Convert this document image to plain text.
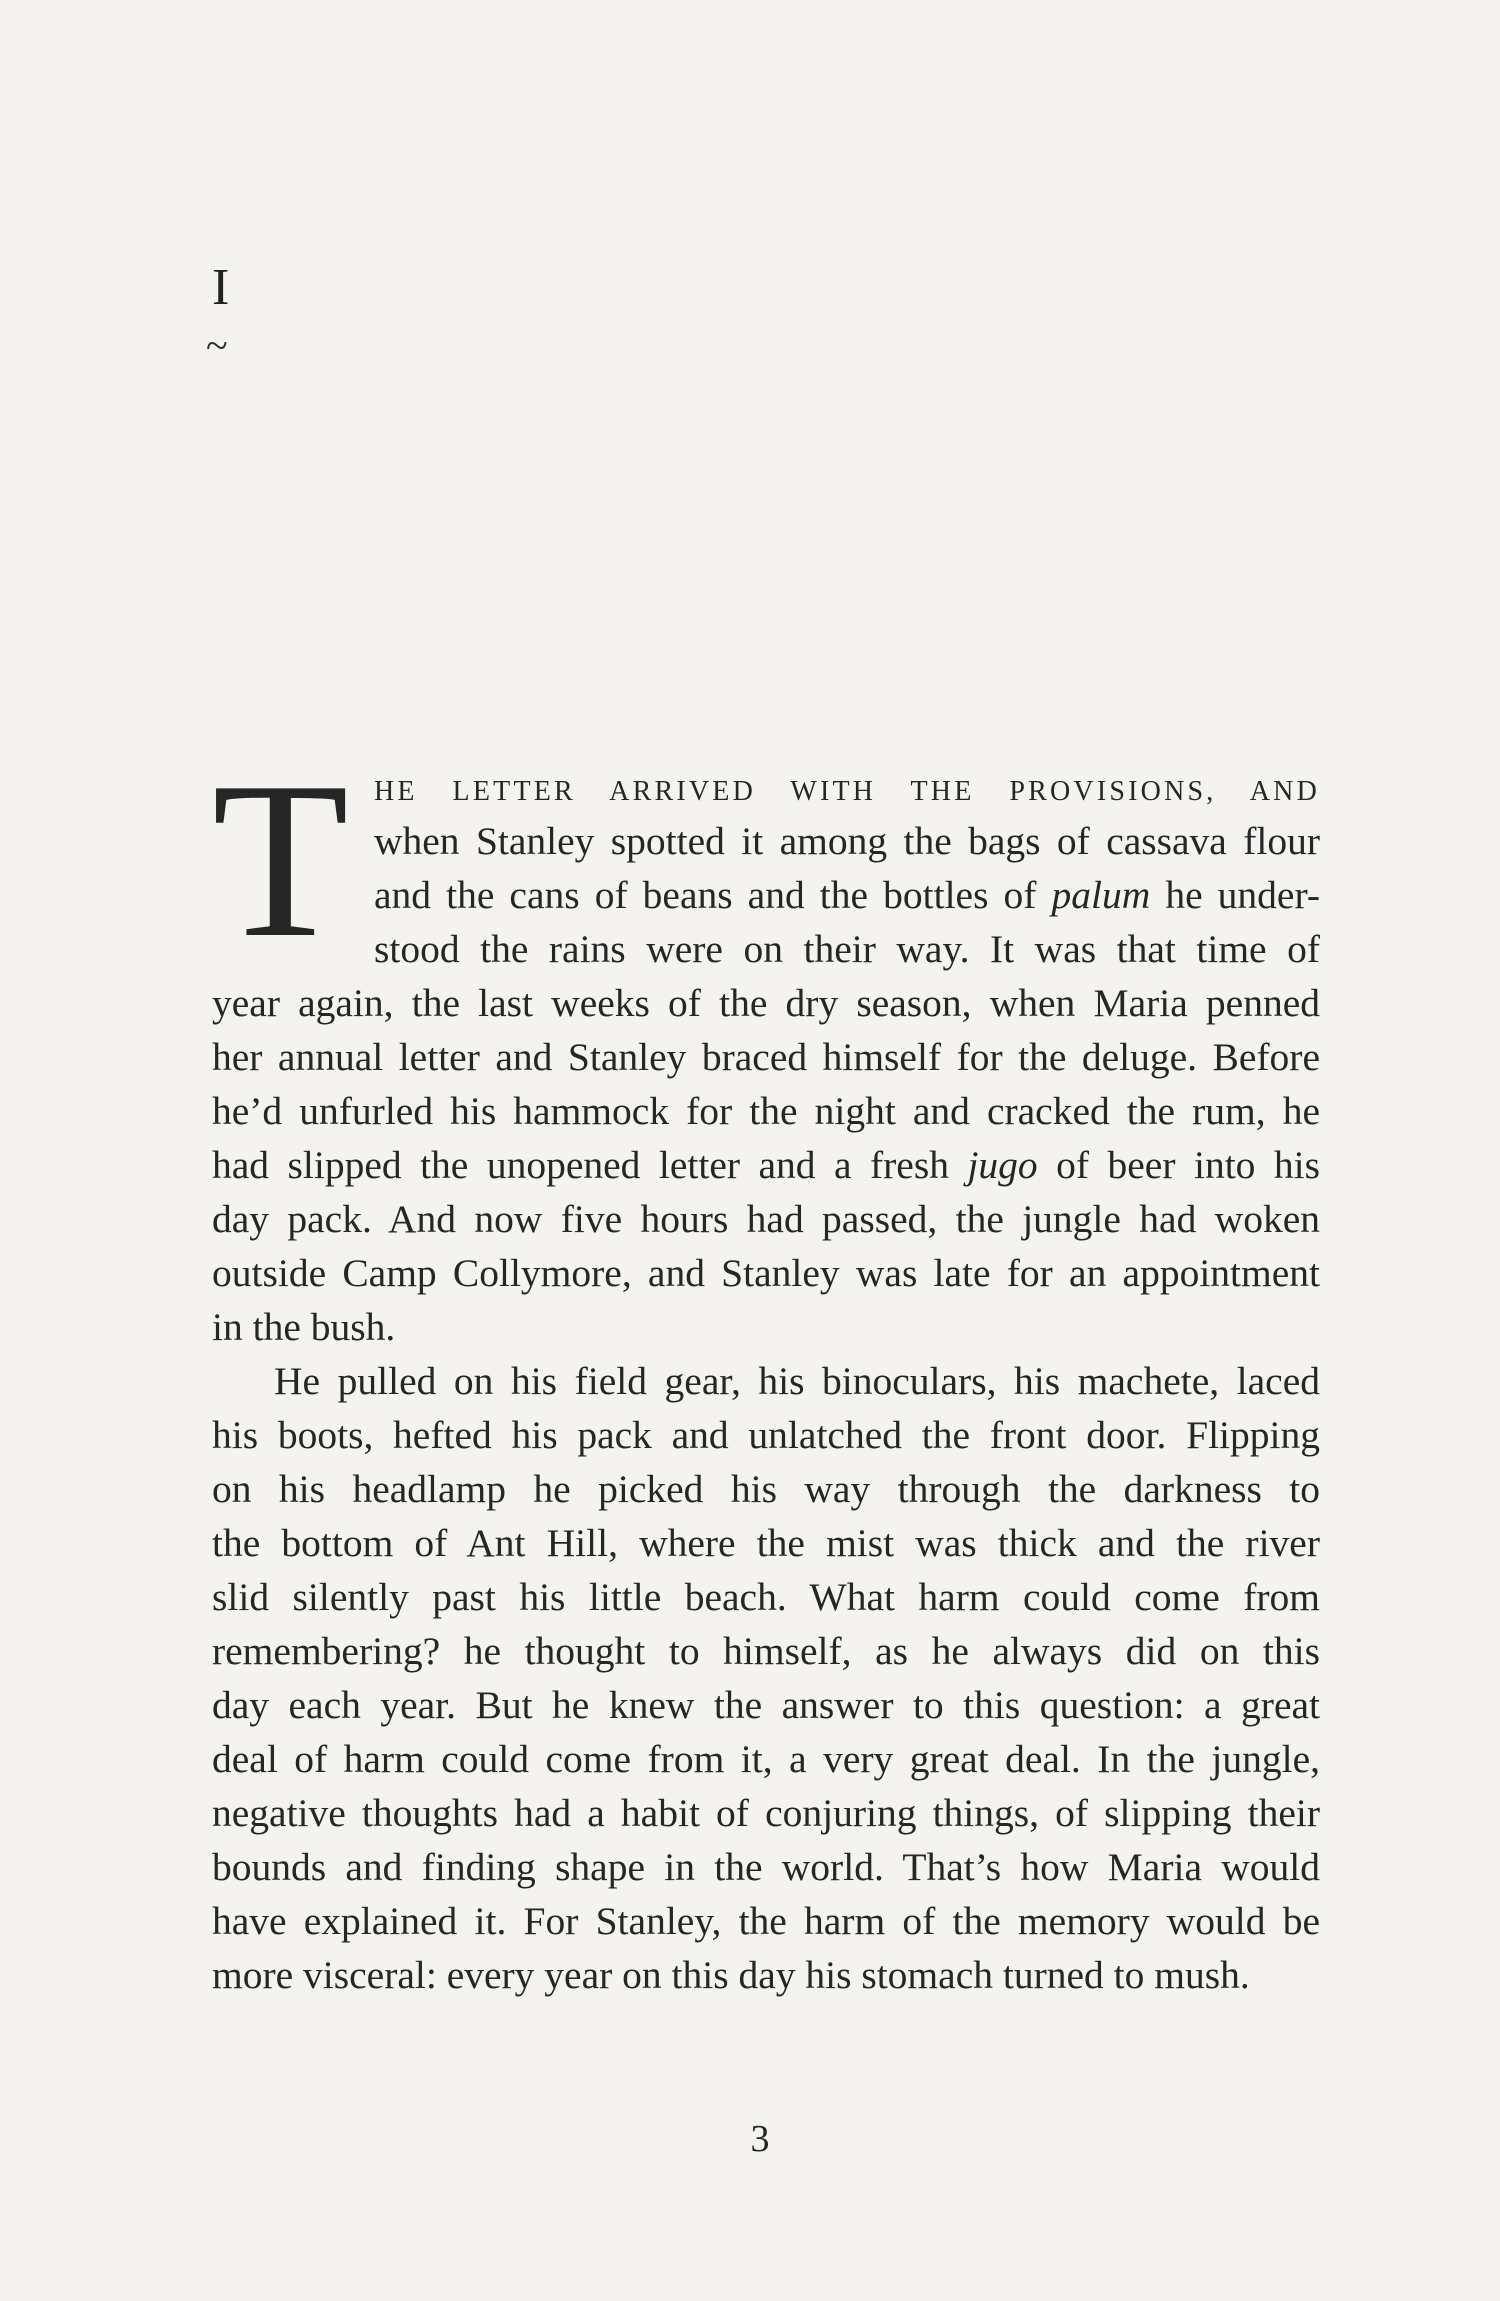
I
~
T HE LETTER ARRIVED WITH THE PROVISIONS, AND
when Stanley spotted it among the bags of cassava flour
and the cans of beans and the bottles of palum he under-
stood the rains were on their way. It was that time of
year again, the last weeks of the dry season, when Maria penned
her annual letter and Stanley braced himself for the deluge. Before
he’d unfurled his hammock for the night and cracked the rum, he
had slipped the unopened letter and a fresh jugo of beer into his
day pack. And now five hours had passed, the jungle had woken
outside Camp Collymore, and Stanley was late for an appointment
in the bush.
He pulled on his field gear, his binoculars, his machete, laced
his boots, hefted his pack and unlatched the front door. Flipping
on his headlamp he picked his way through the darkness to
the bottom of Ant Hill, where the mist was thick and the river
slid silently past his little beach. What harm could come from
remembering? he thought to himself, as he always did on this
day each year. But he knew the answer to this question: a great
deal of harm could come from it, a very great deal. In the jungle,
negative thoughts had a habit of conjuring things, of slipping their
bounds and finding shape in the world. That’s how Maria would
have explained it. For Stanley, the harm of the memory would be
more visceral: every year on this day his stomach turned to mush.
3
